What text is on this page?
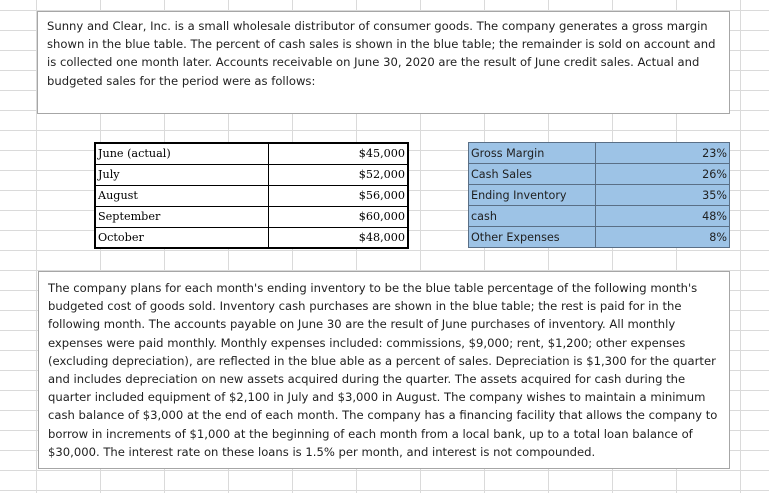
Sunny and Clear, Inc. is a small wholesale distributor of consumer goods. The company generates a gross margin shown in the blue table. The percent of cash sales is shown in the blue table; the remainder is sold on account and is collected one month later. Accounts receivable on June 30, 2020 are the result of June credit sales. Actual and budgeted sales for the period were as follows:
June (actual)	$45,000
July	$52,000
August	$56,000
September	$60,000
October	$48,000
Gross Margin	23%
Cash Sales	26%
Ending Inventory	35%
cash	48%
Other Expenses	8%
The company plans for each month's ending inventory to be the blue table percentage of the following month's budgeted cost of goods sold. Inventory cash purchases are shown in the blue table; the rest is paid for in the following month. The accounts payable on June 30 are the result of June purchases of inventory. All monthly expenses were paid monthly. Monthly expenses included: commissions, $9,000; rent, $1,200; other expenses (excluding depreciation), are reflected in the blue able as a percent of sales. Depreciation is $1,300 for the quarter and includes depreciation on new assets acquired during the quarter. The assets acquired for cash during the quarter included equipment of $2,100 in July and $3,000 in August. The company wishes to maintain a minimum cash balance of $3,000 at the end of each month. The company has a financing facility that allows the company to borrow in increments of $1,000 at the beginning of each month from a local bank, up to a total loan balance of $30,000. The interest rate on these loans is 1.5% per month, and interest is not compounded.
